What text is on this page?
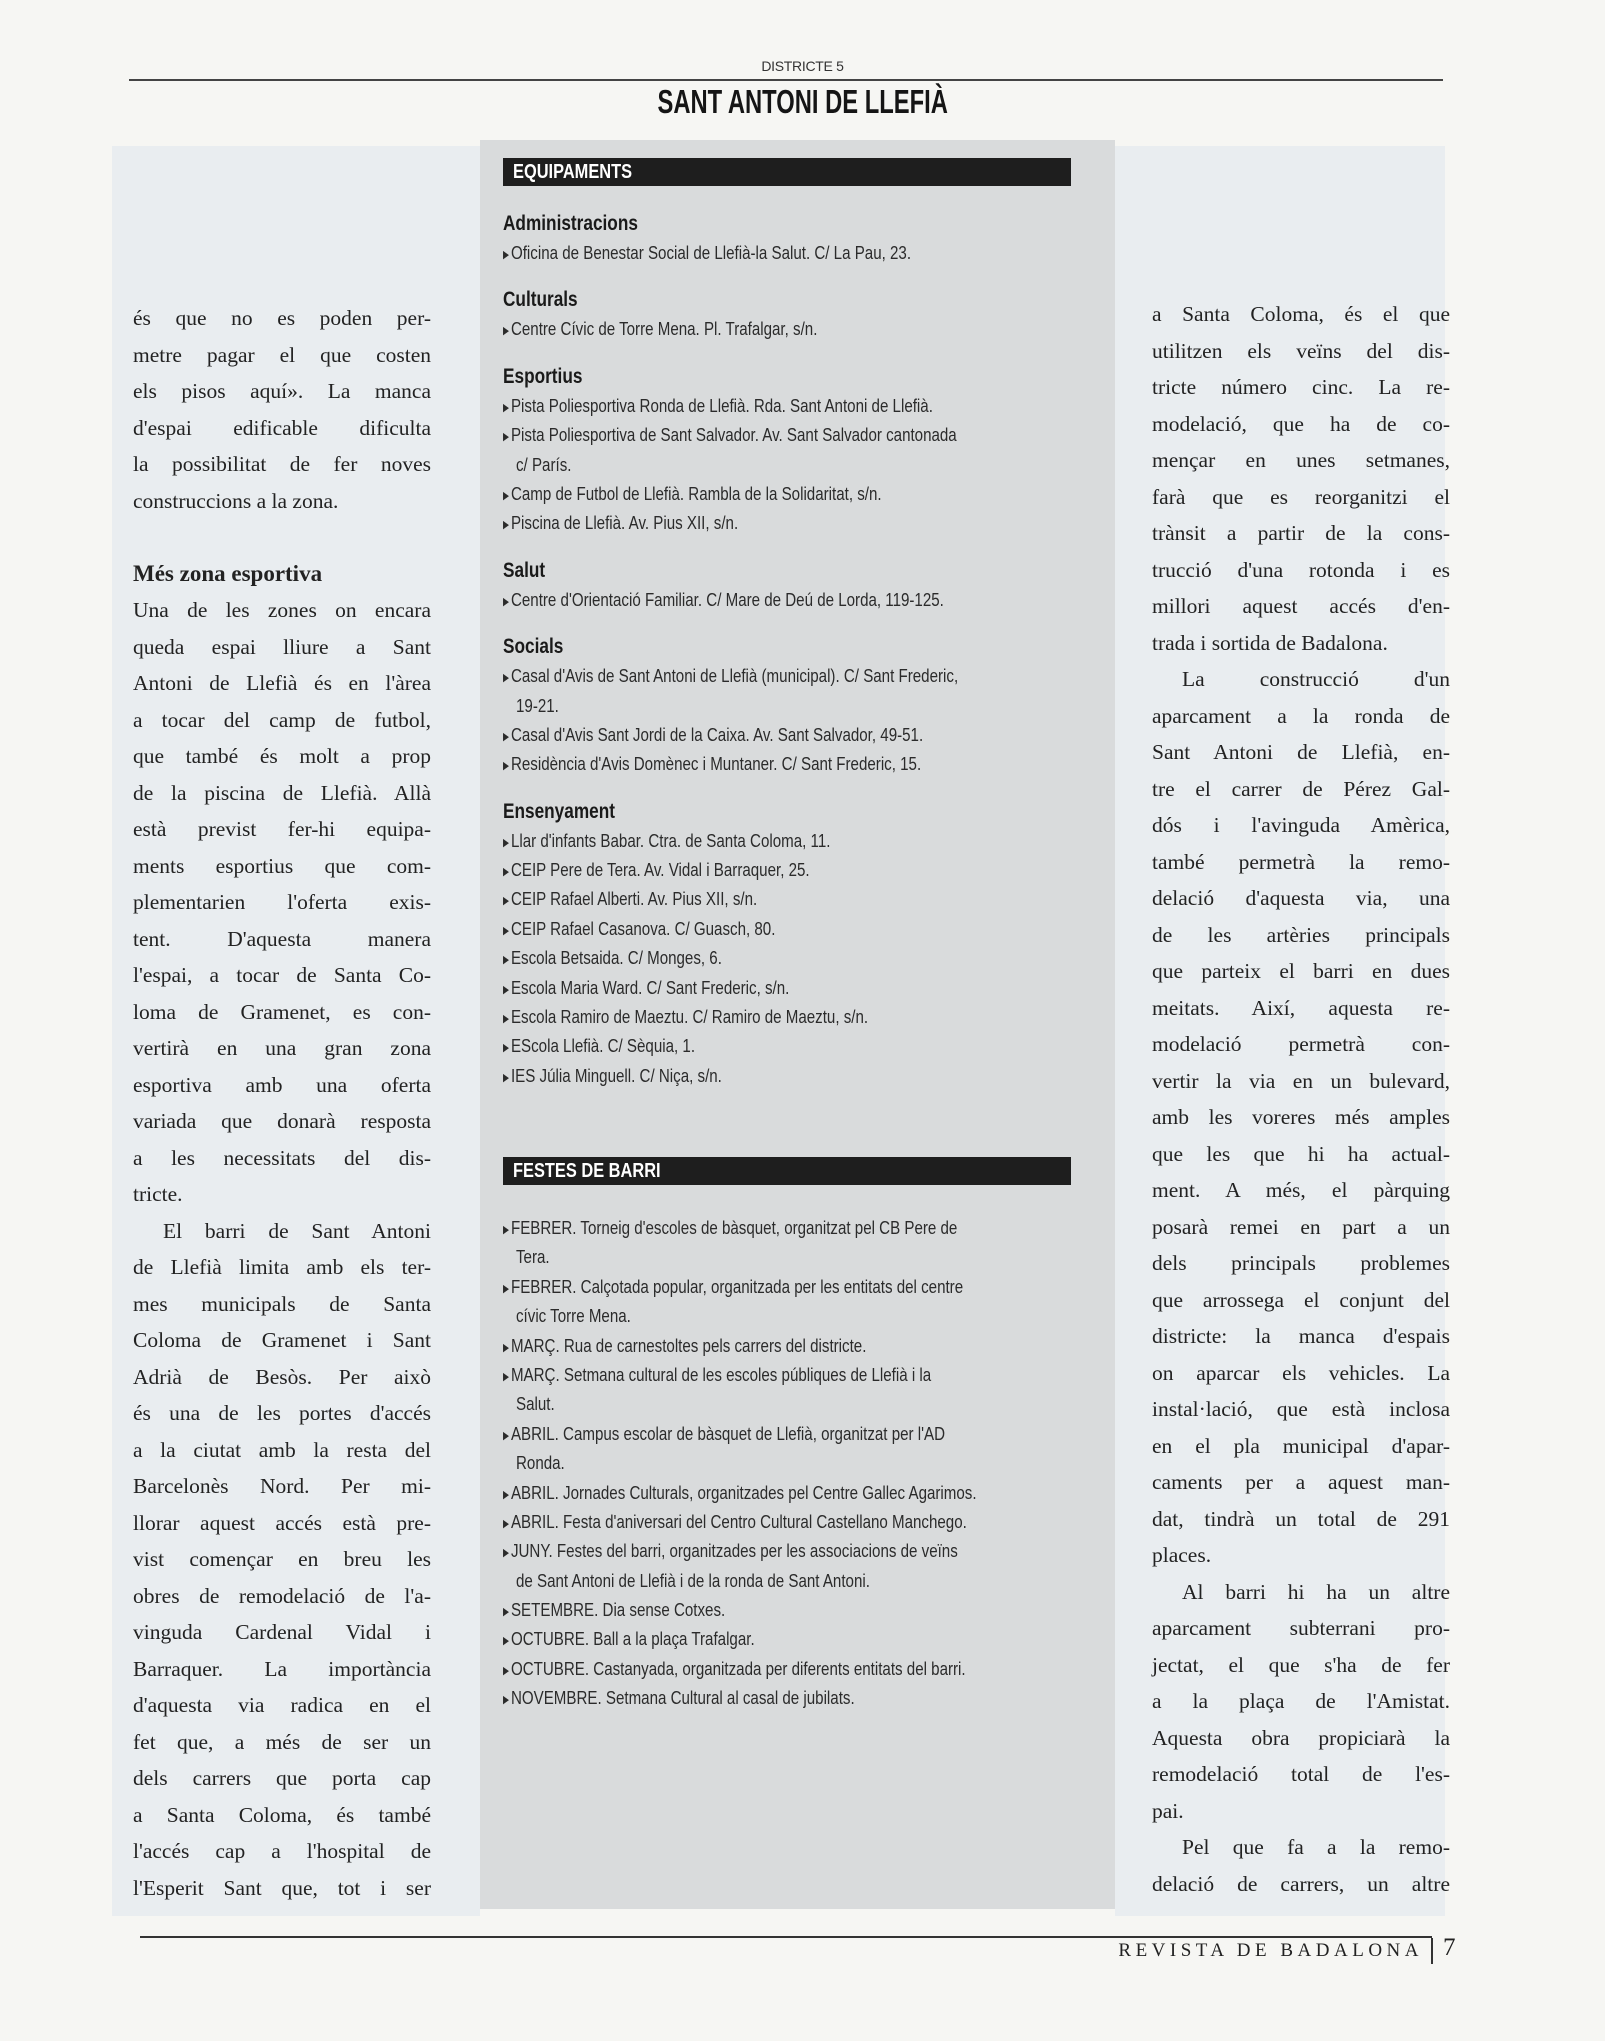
DISTRICTE 5
SANT ANTONI DE LLEFIÀ
EQUIPAMENTS
Administracions
▶ Oficina de Benestar Social de Llefià-la Salut. C/ La Pau, 23.
Culturals
▶ Centre Cívic de Torre Mena. Pl. Trafalgar, s/n.
Esportius
▶ Pista Poliesportiva Ronda de Llefià. Rda. Sant Antoni de Llefià.
▶ Pista Poliesportiva de Sant Salvador. Av. Sant Salvador cantonada
c/ París.
▶ Camp de Futbol de Llefià. Rambla de la Solidaritat, s/n.
▶ Piscina de Llefià. Av. Pius XII, s/n.
Salut
▶ Centre d'Orientació Familiar. C/ Mare de Deú de Lorda, 119-125.
Socials
▶ Casal d'Avis de Sant Antoni de Llefià (municipal). C/ Sant Frederic,
19-21.
▶ Casal d'Avis Sant Jordi de la Caixa. Av. Sant Salvador, 49-51.
▶ Residència d'Avis Domènec i Muntaner. C/ Sant Frederic, 15.
Ensenyament
▶ Llar d'infants Babar. Ctra. de Santa Coloma, 11.
▶ CEIP Pere de Tera. Av. Vidal i Barraquer, 25.
▶ CEIP Rafael Alberti. Av. Pius XII, s/n.
▶ CEIP Rafael Casanova. C/ Guasch, 80.
▶ Escola Betsaida. C/ Monges, 6.
▶ Escola Maria Ward. C/ Sant Frederic, s/n.
▶ Escola Ramiro de Maeztu. C/ Ramiro de Maeztu, s/n.
▶ EScola Llefià. C/ Sèquia, 1.
▶ IES Júlia Minguell. C/ Niça, s/n.
FESTES DE BARRI
▶ FEBRER. Torneig d'escoles de bàsquet, organitzat pel CB Pere de
Tera.
▶ FEBRER. Calçotada popular, organitzada per les entitats del centre
cívic Torre Mena.
▶ MARÇ. Rua de carnestoltes pels carrers del districte.
▶ MARÇ. Setmana cultural de les escoles públiques de Llefià i la
Salut.
▶ ABRIL. Campus escolar de bàsquet de Llefià, organitzat per l'AD
Ronda.
▶ ABRIL. Jornades Culturals, organitzades pel Centre Gallec Agarimos.
▶ ABRIL. Festa d'aniversari del Centro Cultural Castellano Manchego.
▶ JUNY. Festes del barri, organitzades per les associacions de veïns
de Sant Antoni de Llefià i de la ronda de Sant Antoni.
▶ SETEMBRE. Dia sense Cotxes.
▶ OCTUBRE. Ball a la plaça Trafalgar.
▶ OCTUBRE. Castanyada, organitzada per diferents entitats del barri.
▶ NOVEMBRE. Setmana Cultural al casal de jubilats.
és que no es poden per-
metre pagar el que costen
els pisos aquí». La manca
d'espai edificable dificulta
la possibilitat de fer noves
construccions a la zona.
Més zona esportiva
Una de les zones on encara
queda espai lliure a Sant
Antoni de Llefià és en l'àrea
a tocar del camp de futbol,
que també és molt a prop
de la piscina de Llefià. Allà
està previst fer-hi equipa-
ments esportius que com-
plementarien l'oferta exis-
tent. D'aquesta manera
l'espai, a tocar de Santa Co-
loma de Gramenet, es con-
vertirà en una gran zona
esportiva amb una oferta
variada que donarà resposta
a les necessitats del dis-
tricte.
El barri de Sant Antoni
de Llefià limita amb els ter-
mes municipals de Santa
Coloma de Gramenet i Sant
Adrià de Besòs. Per això
és una de les portes d'accés
a la ciutat amb la resta del
Barcelonès Nord. Per mi-
llorar aquest accés està pre-
vist començar en breu les
obres de remodelació de l'a-
vinguda Cardenal Vidal i
Barraquer. La importància
d'aquesta via radica en el
fet que, a més de ser un
dels carrers que porta cap
a Santa Coloma, és també
l'accés cap a l'hospital de
l'Esperit Sant que, tot i ser
a Santa Coloma, és el que
utilitzen els veïns del dis-
tricte número cinc. La re-
modelació, que ha de co-
mençar en unes setmanes,
farà que es reorganitzi el
trànsit a partir de la cons-
trucció d'una rotonda i es
millori aquest accés d'en-
trada i sortida de Badalona.
La construcció d'un
aparcament a la ronda de
Sant Antoni de Llefià, en-
tre el carrer de Pérez Gal-
dós i l'avinguda Amèrica,
també permetrà la remo-
delació d'aquesta via, una
de les artèries principals
que parteix el barri en dues
meitats. Així, aquesta re-
modelació permetrà con-
vertir la via en un bulevard,
amb les voreres més amples
que les que hi ha actual-
ment. A més, el pàrquing
posarà remei en part a un
dels principals problemes
que arrossega el conjunt del
districte: la manca d'espais
on aparcar els vehicles. La
instal·lació, que està inclosa
en el pla municipal d'apar-
caments per a aquest man-
dat, tindrà un total de 291
places.
Al barri hi ha un altre
aparcament subterrani pro-
jectat, el que s'ha de fer
a la plaça de l'Amistat.
Aquesta obra propiciarà la
remodelació total de l'es-
pai.
Pel que fa a la remo-
delació de carrers, un altre
REVISTA DE BADALONA 7
